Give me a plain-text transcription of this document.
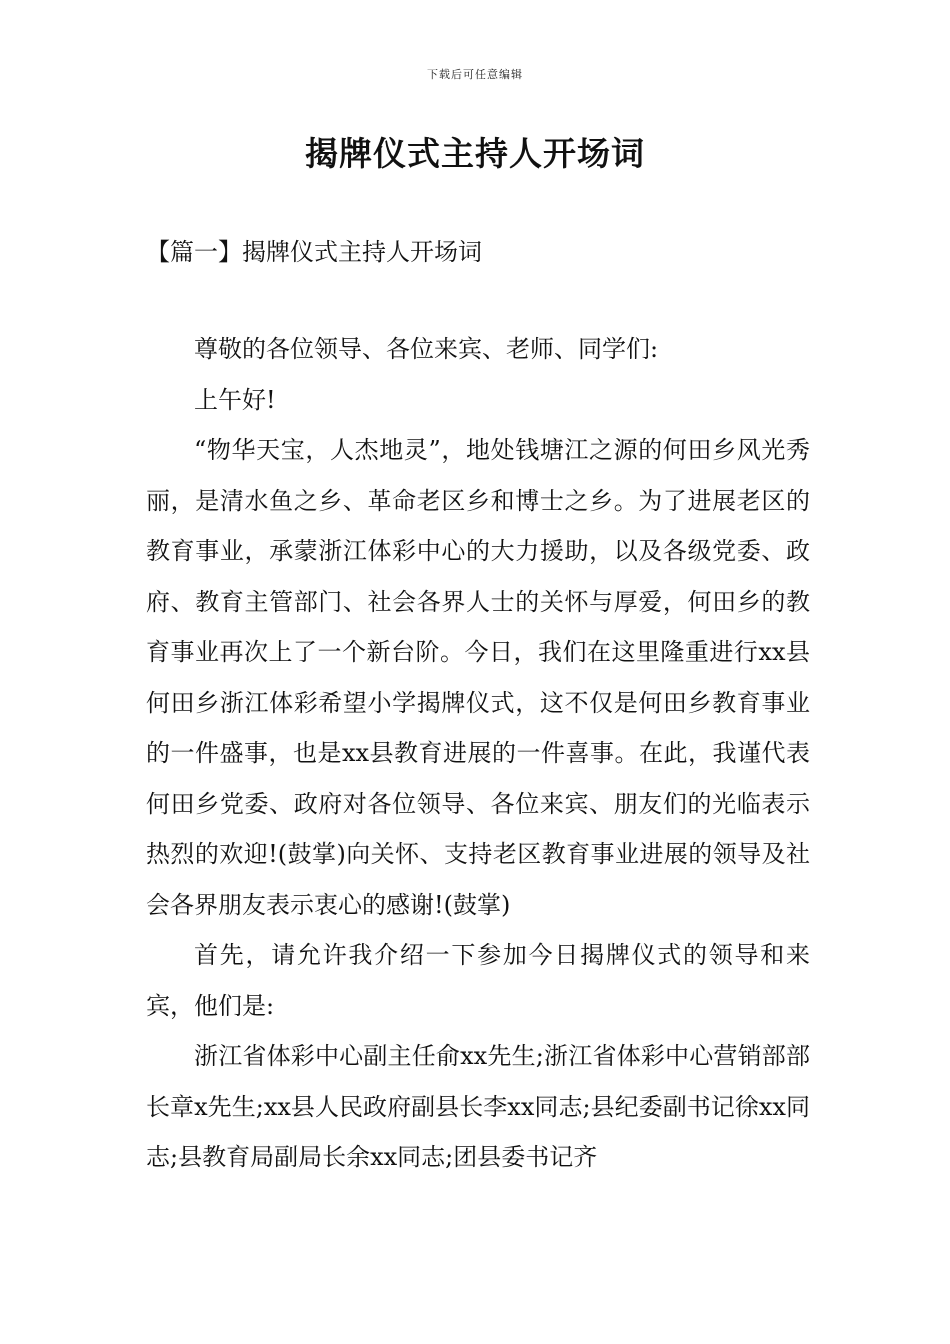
下载后可任意编辑
揭牌仪式主持人开场词
【篇一】揭牌仪式主持人开场词

尊敬的各位领导、各位来宾、老师、同学们:

上午好!

“物华天宝，人杰地灵”，地处钱塘江之源的何田乡风光秀丽，是清水鱼之乡、革命老区乡和博士之乡。为了进展老区的教育事业，承蒙浙江体彩中心的大力援助，以及各级党委、政府、教育主管部门、社会各界人士的关怀与厚爱，何田乡的教育事业再次上了一个新台阶。今日，我们在这里隆重进行xx县何田乡浙江体彩希望小学揭牌仪式，这不仅是何田乡教育事业的一件盛事，也是xx县教育进展的一件喜事。在此，我谨代表何田乡党委、政府对各位领导、各位来宾、朋友们的光临表示热烈的欢迎!(鼓掌)向关怀、支持老区教育事业进展的领导及社会各界朋友表示衷心的感谢!(鼓掌)

首先，请允许我介绍一下参加今日揭牌仪式的领导和来宾，他们是:

浙江省体彩中心副主任俞xx先生;浙江省体彩中心营销部部长章x先生;xx县人民政府副县长李xx同志;县纪委副书记徐xx同志;县教育局副局长余xx同志;团县委书记齐
